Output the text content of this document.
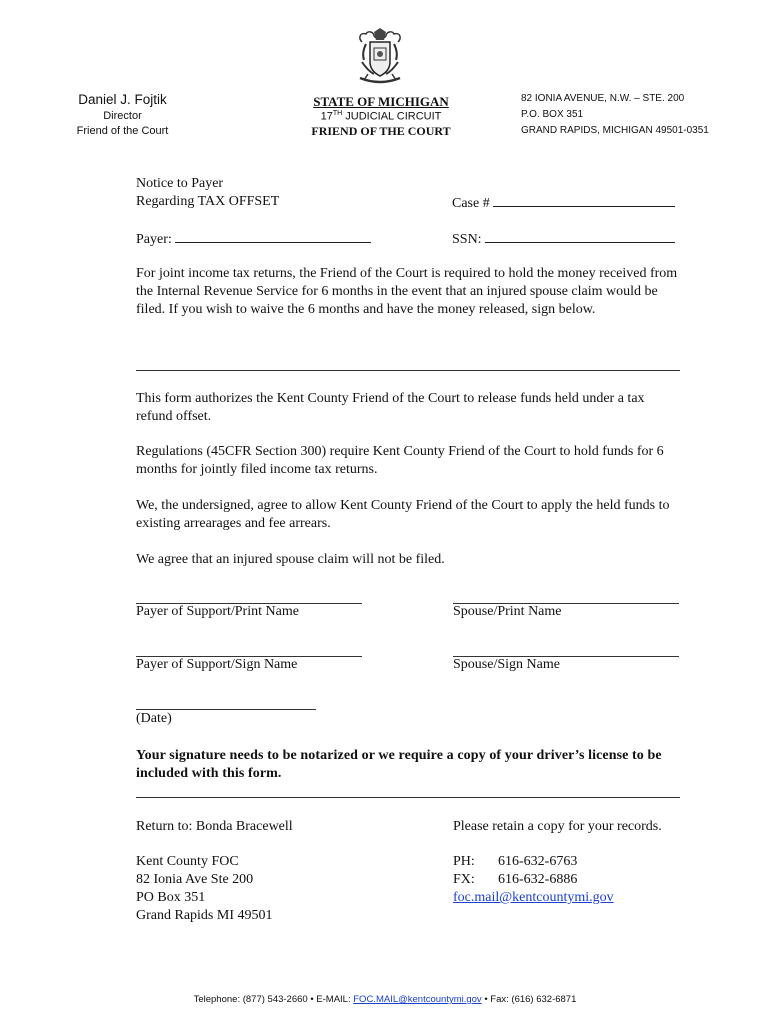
Daniel J. Fojtik
Director
Friend of the Court
STATE OF MICHIGAN
17TH JUDICIAL CIRCUIT
FRIEND OF THE COURT
82 IONIA AVENUE, N.W. – STE. 200
P.O. BOX 351
GRAND RAPIDS, MICHIGAN 49501-0351
Notice to Payer
Regarding TAX OFFSET	Case #
Payer:	SSN:
For joint income tax returns, the Friend of the Court is required to hold the money received from the Internal Revenue Service for 6 months in the event that an injured spouse claim would be filed. If you wish to waive the 6 months and have the money released, sign below.
This form authorizes the Kent County Friend of the Court to release funds held under a tax refund offset.
Regulations (45CFR Section 300) require Kent County Friend of the Court to hold funds for 6 months for jointly filed income tax returns.
We, the undersigned, agree to allow Kent County Friend of the Court to apply the held funds to existing arrearages and fee arrears.
We agree that an injured spouse claim will not be filed.
Payer of Support/Print Name	Spouse/Print Name
Payer of Support/Sign Name	Spouse/Sign Name
(Date)
Your signature needs to be notarized or we require a copy of your driver’s license to be included with this form.
Return to: Bonda Bracewell	Please retain a copy for your records.
Kent County FOC
82 Ionia Ave Ste 200
PO Box 351
Grand Rapids MI 49501
PH: 616-632-6763
FX: 616-632-6886
foc.mail@kentcountymi.gov
Telephone: (877) 543-2660 • E-MAIL: FOC.MAIL@kentcountymi.gov • Fax: (616) 632-6871
